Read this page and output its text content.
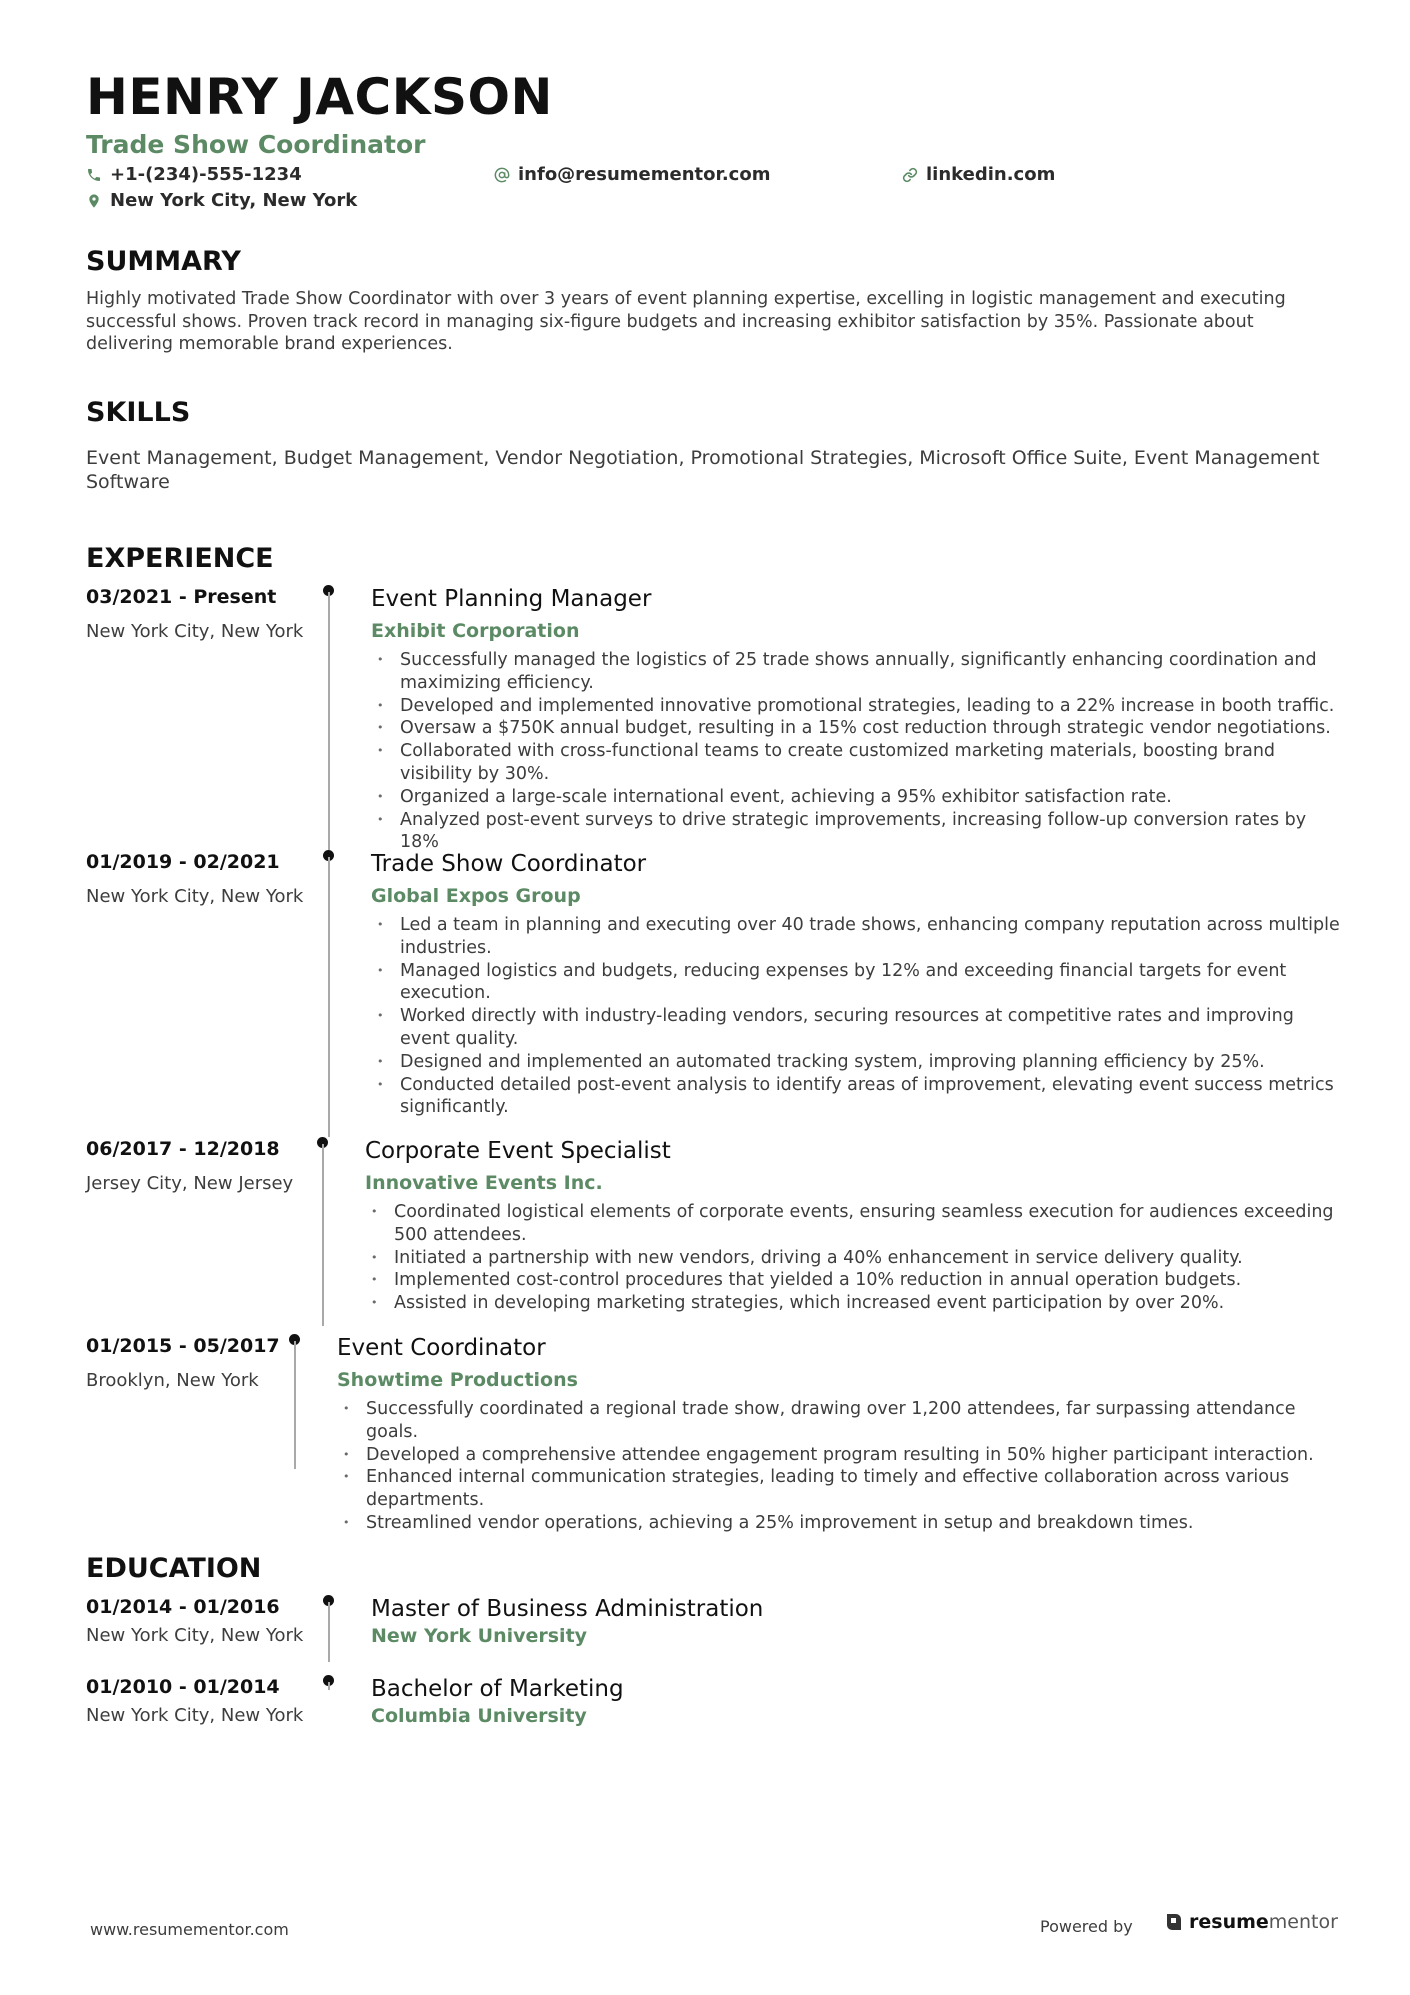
HENRY JACKSON
Trade Show Coordinator
+1-(234)-555-1234	info@resumementor.com	linkedin.com
New York City, New York
SUMMARY

Highly motivated Trade Show Coordinator with over 3 years of event planning expertise, excelling in logistic management and executing successful shows. Proven track record in managing six-figure budgets and increasing exhibitor satisfaction by 35%. Passionate about delivering memorable brand experiences.

SKILLS

Event Management, Budget Management, Vendor Negotiation, Promotional Strategies, Microsoft Office Suite, Event Management Software

EXPERIENCE

03/2021 - Present

New York City, New York

Event Planning Manager

Exhibit Corporation

• Successfully managed the logistics of 25 trade shows annually, significantly enhancing coordination and maximizing efficiency.
• Developed and implemented innovative promotional strategies, leading to a 22% increase in booth traffic.
• Oversaw a $750K annual budget, resulting in a 15% cost reduction through strategic vendor negotiations.
• Collaborated with cross-functional teams to create customized marketing materials, boosting brand visibility by 30%.
• Organized a large-scale international event, achieving a 95% exhibitor satisfaction rate.
• Analyzed post-event surveys to drive strategic improvements, increasing follow-up conversion rates by 18%

01/2019 - 02/2021

New York City, New York

Trade Show Coordinator

Global Expos Group

• Led a team in planning and executing over 40 trade shows, enhancing company reputation across multiple industries.
• Managed logistics and budgets, reducing expenses by 12% and exceeding financial targets for event execution.
• Worked directly with industry-leading vendors, securing resources at competitive rates and improving event quality.
• Designed and implemented an automated tracking system, improving planning efficiency by 25%.
• Conducted detailed post-event analysis to identify areas of improvement, elevating event success metrics significantly.

06/2017 - 12/2018

Jersey City, New Jersey

Corporate Event Specialist

Innovative Events Inc.

• Coordinated logistical elements of corporate events, ensuring seamless execution for audiences exceeding 500 attendees.
• Initiated a partnership with new vendors, driving a 40% enhancement in service delivery quality.
• Implemented cost-control procedures that yielded a 10% reduction in annual operation budgets.
• Assisted in developing marketing strategies, which increased event participation by over 20%.

01/2015 - 05/2017

Brooklyn, New York

Event Coordinator

Showtime Productions

• Successfully coordinated a regional trade show, drawing over 1,200 attendees, far surpassing attendance goals.
• Developed a comprehensive attendee engagement program resulting in 50% higher participant interaction.
• Enhanced internal communication strategies, leading to timely and effective collaboration across various departments.
• Streamlined vendor operations, achieving a 25% improvement in setup and breakdown times.
EDUCATION

01/2014 - 01/2016

New York City, New York

Master of Business Administration

New York University

01/2010 - 01/2014

New York City, New York

Bachelor of Marketing

Columbia University

www.resumementor.com	Powered by	resume mentor
